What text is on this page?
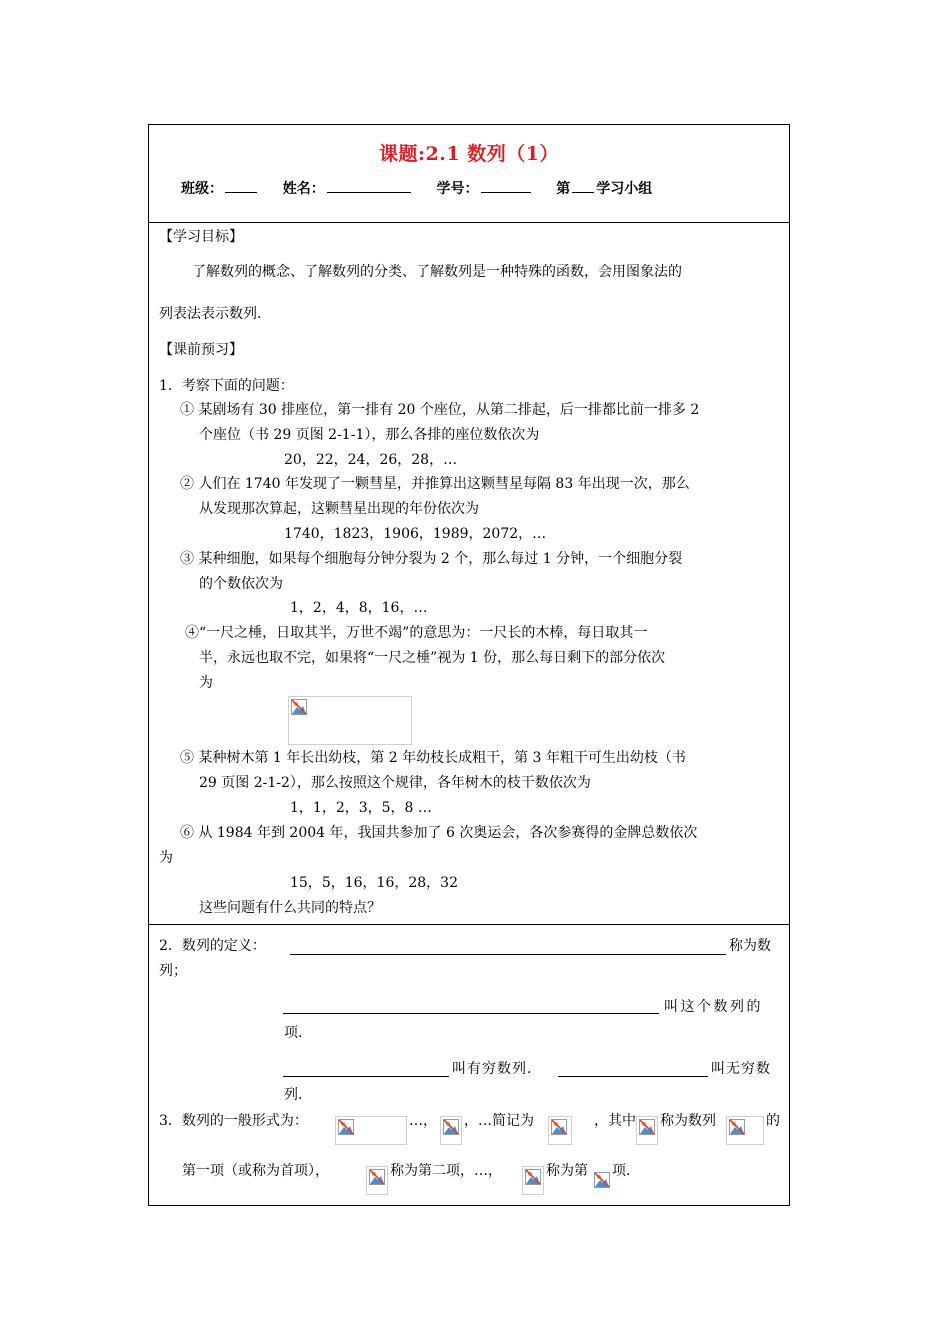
课题:2.1 数列（1）
班级：	姓名：	学号：	第 学习小组
【学习目标】
了解数列的概念、了解数列的分类、了解数列是一种特殊的函数，会用图象法的
列表法表示数列.
【课前预习】
1．考察下面的问题：
① 某剧场有 30 排座位，第一排有 20 个座位，从第二排起，后一排都比前一排多 2
个座位（书 29 页图 2-1-1），那么各排的座位数依次为
20，22，24，26，28，…
② 人们在 1740 年发现了一颗彗星，并推算出这颗彗星每隔 83 年出现一次，那么
从发现那次算起，这颗彗星出现的年份依次为
1740，1823，1906，1989，2072，…
③ 某种细胞，如果每个细胞每分钟分裂为 2 个，那么每过 1 分钟，一个细胞分裂
的个数依次为
1，2，4，8，16，…
④“一尺之棰，日取其半，万世不竭”的意思为：一尺长的木棒，每日取其一
半，永远也取不完，如果将“一尺之棰”视为 1 份，那么每日剩下的部分依次
为
⑤ 某种树木第 1 年长出幼枝，第 2 年幼枝长成粗干，第 3 年粗干可生出幼枝（书
29 页图 2-1-2），那么按照这个规律，各年树木的枝干数依次为
1，1，2，3，5，8 …
⑥ 从 1984 年到 2004 年，我国共参加了 6 次奥运会，各次参赛得的金牌总数依次
为
15，5，16，16，28，32
这些问题有什么共同的特点？
2．数列的定义：	称为数
列；
叫这个数列的
项.
叫有穷数列．	叫无穷数
列.
3．数列的一般形式为：	…， ，…简记为	，其中 称为数列	的
第一项（或称为首项），	称为第二项，…，	称为第 项.
